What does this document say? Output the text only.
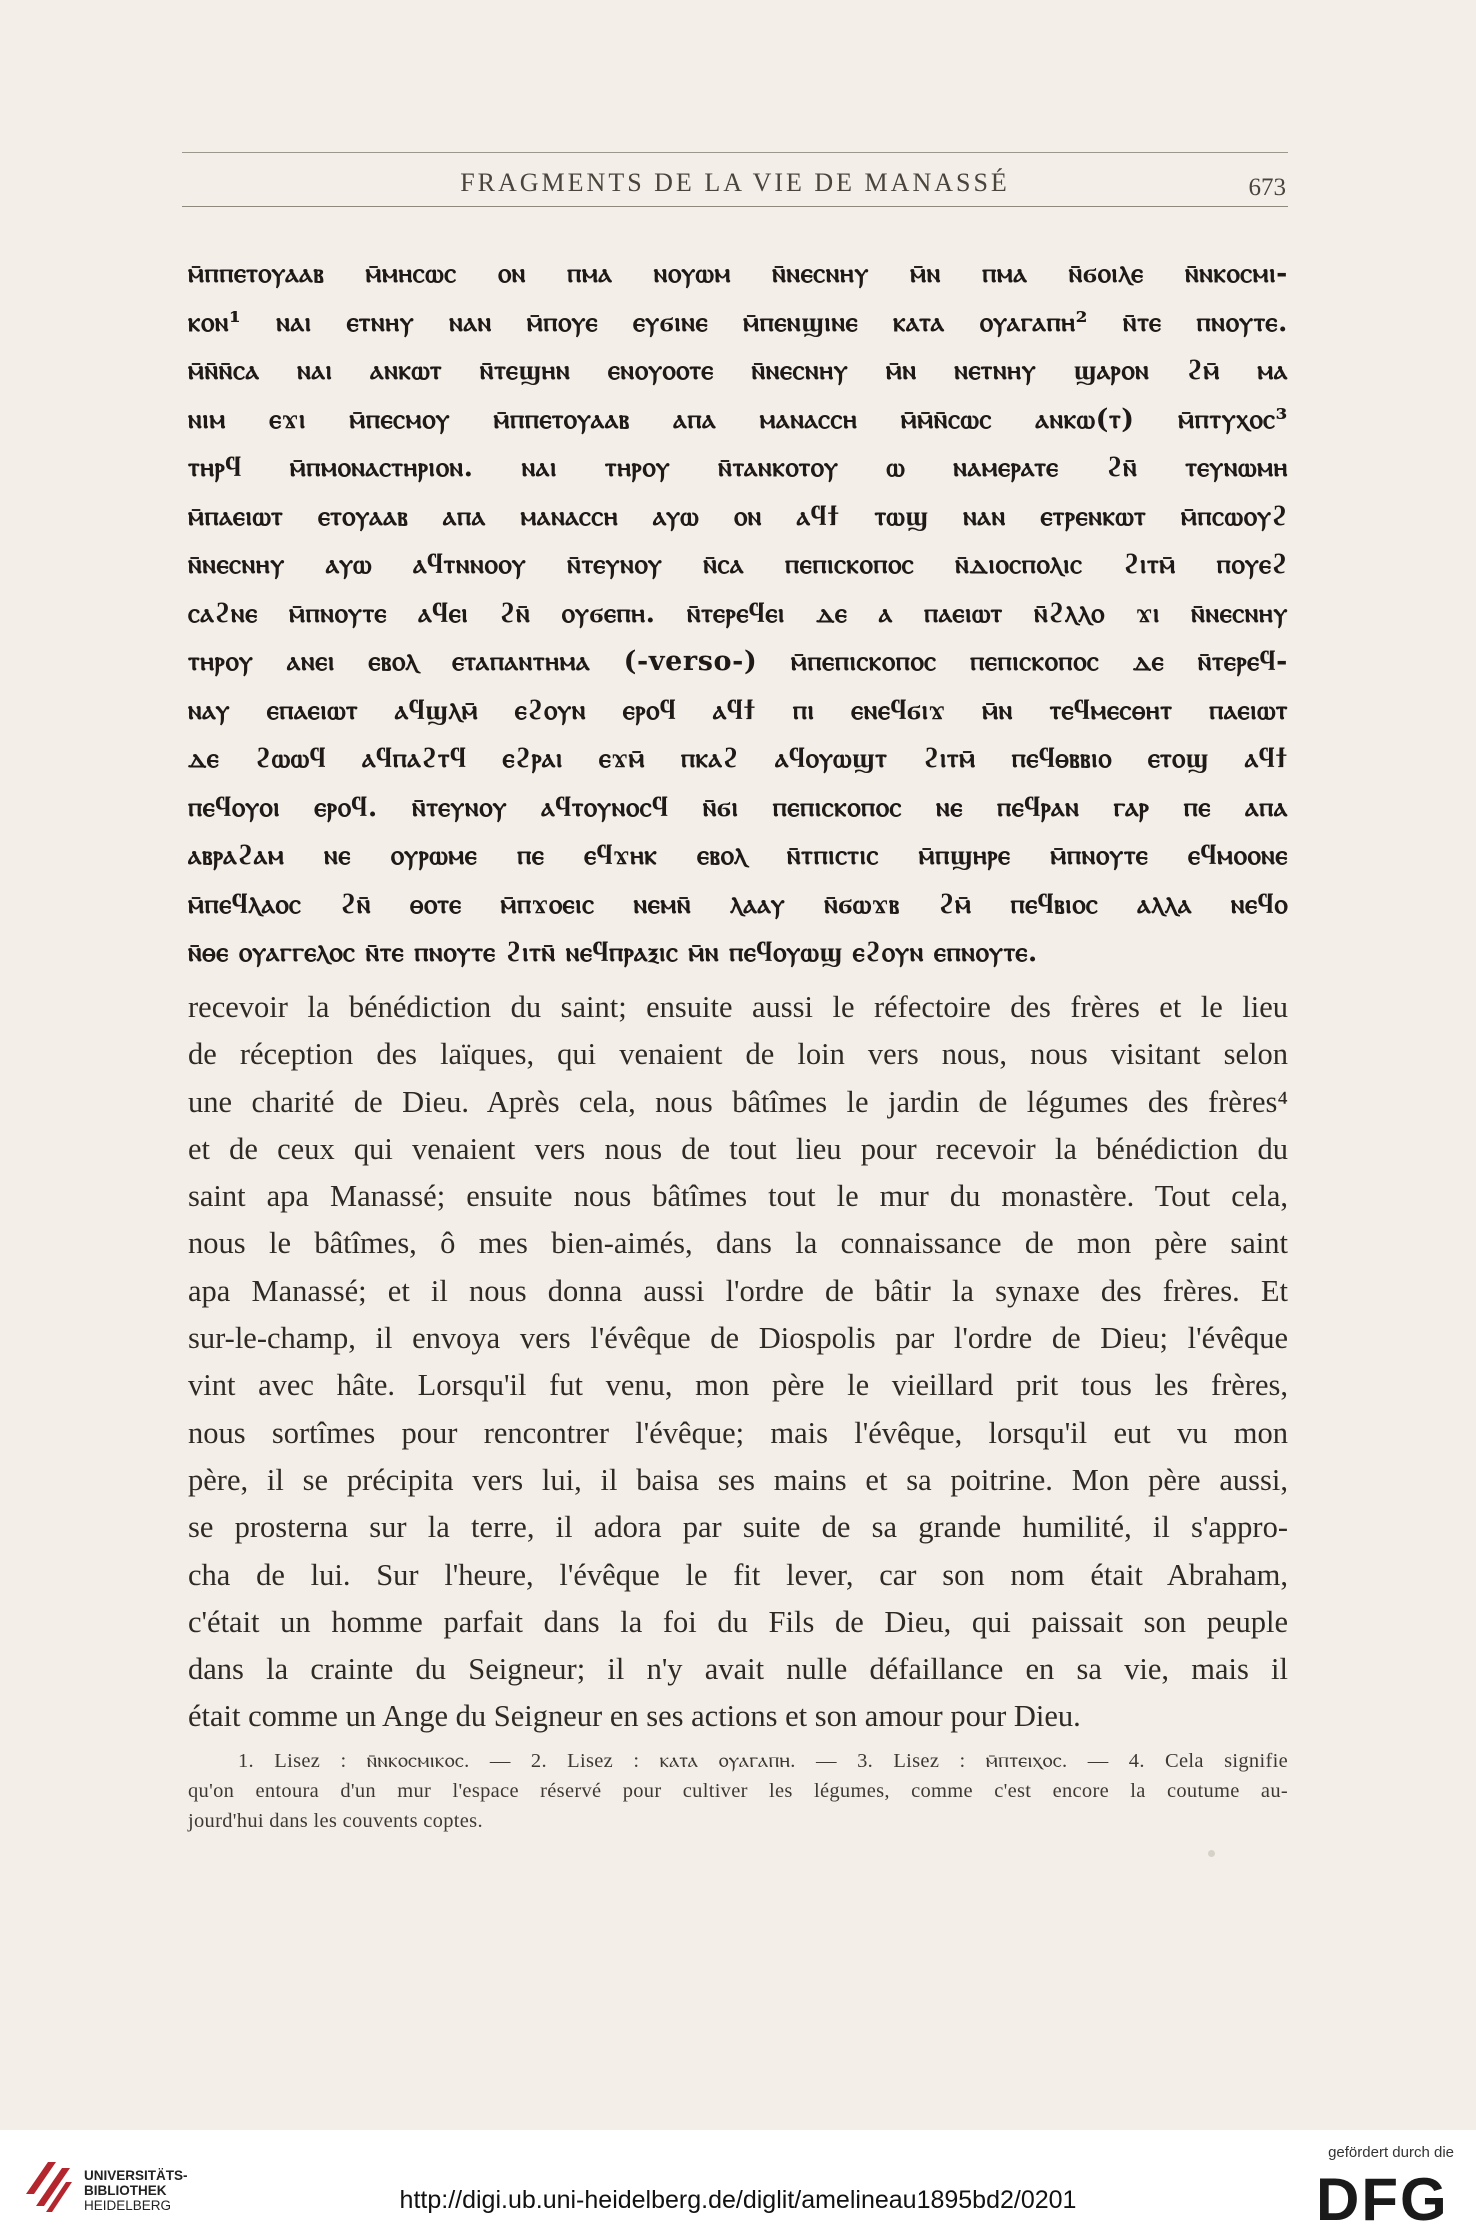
FRAGMENTS DE LA VIE DE MANASSÉ	673
ⲙ̄ⲡⲡⲉⲧⲟⲩⲁⲁⲃ ⲙ̄ⲙⲏⲥⲱⲥ ⲟⲛ ⲡⲙⲁ ⲛⲟⲩⲱⲙ ⲛ̄ⲛⲉⲥⲛⲏⲩ ⲙ̄ⲛ ⲡⲙⲁ ⲛ̄ϭⲟⲓⲗⲉ ⲛ̄ⲛⲕⲟⲥⲙⲓ-
ⲕⲟⲛ¹ ⲛⲁⲓ ⲉⲧⲛⲏⲩ ⲛⲁⲛ ⲙ̄ⲡⲟⲩⲉ ⲉⲩϭⲓⲛⲉ ⲙ̄ⲡⲉⲛϣⲓⲛⲉ ⲕⲁⲧⲁ ⲟⲩⲁⲅⲁⲡⲏ² ⲛ̄ⲧⲉ ⲡⲛⲟⲩⲧⲉ.
ⲙ̄ⲛ̄ⲛ̄ⲥⲁ ⲛⲁⲓ ⲁⲛⲕⲱⲧ ⲛ̄ⲧⲉϣⲏⲛ ⲉⲛⲟⲩⲟⲟⲧⲉ ⲛ̄ⲛⲉⲥⲛⲏⲩ ⲙ̄ⲛ ⲛⲉⲧⲛⲏⲩ ϣⲁⲣⲟⲛ ϩⲙ̄ ⲙⲁ
ⲛⲓⲙ ⲉϫⲓ ⲙ̄ⲡⲉⲥⲙⲟⲩ ⲙ̄ⲡⲡⲉⲧⲟⲩⲁⲁⲃ ⲁⲡⲁ ⲙⲁⲛⲁⲥⲥⲏ ⲙ̄ⲙ̄ⲛ̄ⲥⲱⲥ ⲁⲛⲕⲱ(ⲧ) ⲙ̄ⲡⲧⲩⲭⲟⲥ³
ⲧⲏⲣϥ ⲙ̄ⲡⲙⲟⲛⲁⲥⲧⲏⲣⲓⲟⲛ. ⲛⲁⲓ ⲧⲏⲣⲟⲩ ⲛ̄ⲧⲁⲛⲕⲟⲧⲟⲩ ⲱ ⲛⲁⲙⲉⲣⲁⲧⲉ ϩⲛ̄ ⲧⲉⲩⲛⲱⲙⲏ
ⲙ̄ⲡⲁⲉⲓⲱⲧ ⲉⲧⲟⲩⲁⲁⲃ ⲁⲡⲁ ⲙⲁⲛⲁⲥⲥⲏ ⲁⲩⲱ ⲟⲛ ⲁϥϯ ⲧⲱϣ ⲛⲁⲛ ⲉⲧⲣⲉⲛⲕⲱⲧ ⲙ̄ⲡⲥⲱⲟⲩϩ
ⲛ̄ⲛⲉⲥⲛⲏⲩ ⲁⲩⲱ ⲁϥⲧⲛⲛⲟⲟⲩ ⲛ̄ⲧⲉⲩⲛⲟⲩ ⲛ̄ⲥⲁ ⲡⲉⲡⲓⲥⲕⲟⲡⲟⲥ ⲛ̄ⲇⲓⲟⲥⲡⲟⲗⲓⲥ ϩⲓⲧⲙ̄ ⲡⲟⲩⲉϩ
ⲥⲁϩⲛⲉ ⲙ̄ⲡⲛⲟⲩⲧⲉ ⲁϥⲉⲓ ϩⲛ̄ ⲟⲩϭⲉⲡⲏ. ⲛ̄ⲧⲉⲣⲉϥⲉⲓ ⲇⲉ ⲁ ⲡⲁⲉⲓⲱⲧ ⲛ̄ϩⲗⲗⲟ ϫⲓ ⲛ̄ⲛⲉⲥⲛⲏⲩ
ⲧⲏⲣⲟⲩ ⲁⲛⲉⲓ ⲉⲃⲟⲗ ⲉⲧⲁⲡⲁⲛⲧⲏⲙⲁ (-verso-) ⲙ̄ⲡⲉⲡⲓⲥⲕⲟⲡⲟⲥ ⲡⲉⲡⲓⲥⲕⲟⲡⲟⲥ ⲇⲉ ⲛ̄ⲧⲉⲣⲉϥ-
ⲛⲁⲩ ⲉⲡⲁⲉⲓⲱⲧ ⲁϥϣⲗⲙ̄ ⲉϩⲟⲩⲛ ⲉⲣⲟϥ ⲁϥϯ ⲡⲓ ⲉⲛⲉϥϭⲓϫ ⲙ̄ⲛ ⲧⲉϥⲙⲉⲥⲑⲏⲧ ⲡⲁⲉⲓⲱⲧ
ⲇⲉ ϩⲱⲱϥ ⲁϥⲡⲁϩⲧϥ ⲉϩⲣⲁⲓ ⲉϫⲙ̄ ⲡⲕⲁϩ ⲁϥⲟⲩⲱϣⲧ ϩⲓⲧⲙ̄ ⲡⲉϥⲑⲃⲃⲓⲟ ⲉⲧⲟϣ ⲁϥϯ
ⲡⲉϥⲟⲩⲟⲓ ⲉⲣⲟϥ. ⲛ̄ⲧⲉⲩⲛⲟⲩ ⲁϥⲧⲟⲩⲛⲟⲥϥ ⲛ̄ϭⲓ ⲡⲉⲡⲓⲥⲕⲟⲡⲟⲥ ⲛⲉ ⲡⲉϥⲣⲁⲛ ⲅⲁⲣ ⲡⲉ ⲁⲡⲁ
ⲁⲃⲣⲁϩⲁⲙ ⲛⲉ ⲟⲩⲣⲱⲙⲉ ⲡⲉ ⲉϥϫⲏⲕ ⲉⲃⲟⲗ ⲛ̄ⲧⲡⲓⲥⲧⲓⲥ ⲙ̄ⲡϣⲏⲣⲉ ⲙ̄ⲡⲛⲟⲩⲧⲉ ⲉϥⲙⲟⲟⲛⲉ
ⲙ̄ⲡⲉϥⲗⲁⲟⲥ ϩⲛ̄ ⲑⲟⲧⲉ ⲙ̄ⲡϫⲟⲉⲓⲥ ⲛⲉⲙⲛ̄ ⲗⲁⲁⲩ ⲛ̄ϭⲱϫⲃ ϩⲙ̄ ⲡⲉϥⲃⲓⲟⲥ ⲁⲗⲗⲁ ⲛⲉϥⲟ
ⲛ̄ⲑⲉ ⲟⲩⲁⲅⲅⲉⲗⲟⲥ ⲛ̄ⲧⲉ ⲡⲛⲟⲩⲧⲉ ϩⲓⲧⲛ̄ ⲛⲉϥⲡⲣⲁⲝⲓⲥ ⲙ̄ⲛ ⲡⲉϥⲟⲩⲱϣ ⲉϩⲟⲩⲛ ⲉⲡⲛⲟⲩⲧⲉ.
recevoir la bénédiction du saint; ensuite aussi le réfectoire des frères et le lieu
de réception des laïques, qui venaient de loin vers nous, nous visitant selon
une charité de Dieu. Après cela, nous bâtîmes le jardin de légumes des frères⁴
et de ceux qui venaient vers nous de tout lieu pour recevoir la bénédiction du
saint apa Manassé; ensuite nous bâtîmes tout le mur du monastère. Tout cela,
nous le bâtîmes, ô mes bien-aimés, dans la connaissance de mon père saint
apa Manassé; et il nous donna aussi l'ordre de bâtir la synaxe des frères. Et
sur-le-champ, il envoya vers l'évêque de Diospolis par l'ordre de Dieu; l'évêque
vint avec hâte. Lorsqu'il fut venu, mon père le vieillard prit tous les frères,
nous sortîmes pour rencontrer l'évêque; mais l'évêque, lorsqu'il eut vu mon
père, il se précipita vers lui, il baisa ses mains et sa poitrine. Mon père aussi,
se prosterna sur la terre, il adora par suite de sa grande humilité, il s'appro-
cha de lui. Sur l'heure, l'évêque le fit lever, car son nom était Abraham,
c'était un homme parfait dans la foi du Fils de Dieu, qui paissait son peuple
dans la crainte du Seigneur; il n'y avait nulle défaillance en sa vie, mais il
était comme un Ange du Seigneur en ses actions et son amour pour Dieu.
1. Lisez : ⲛ̄ⲛⲕⲟⲥⲙⲓⲕⲟⲥ. — 2. Lisez : ⲕⲁⲧⲁ ⲟⲩⲁⲅⲁⲡⲏ. — 3. Lisez : ⲙ̄ⲡⲧⲉⲓⲭⲟⲥ. — 4. Cela signifie
qu'on entoura d'un mur l'espace réservé pour cultiver les légumes, comme c'est encore la coutume au-
jourd'hui dans les couvents coptes.
UNIVERSITÄTS-
BIBLIOTHEK
HEIDELBERG	http://digi.ub.uni-heidelberg.de/diglit/amelineau1895bd2/0201
gefördert durch die
DFG
